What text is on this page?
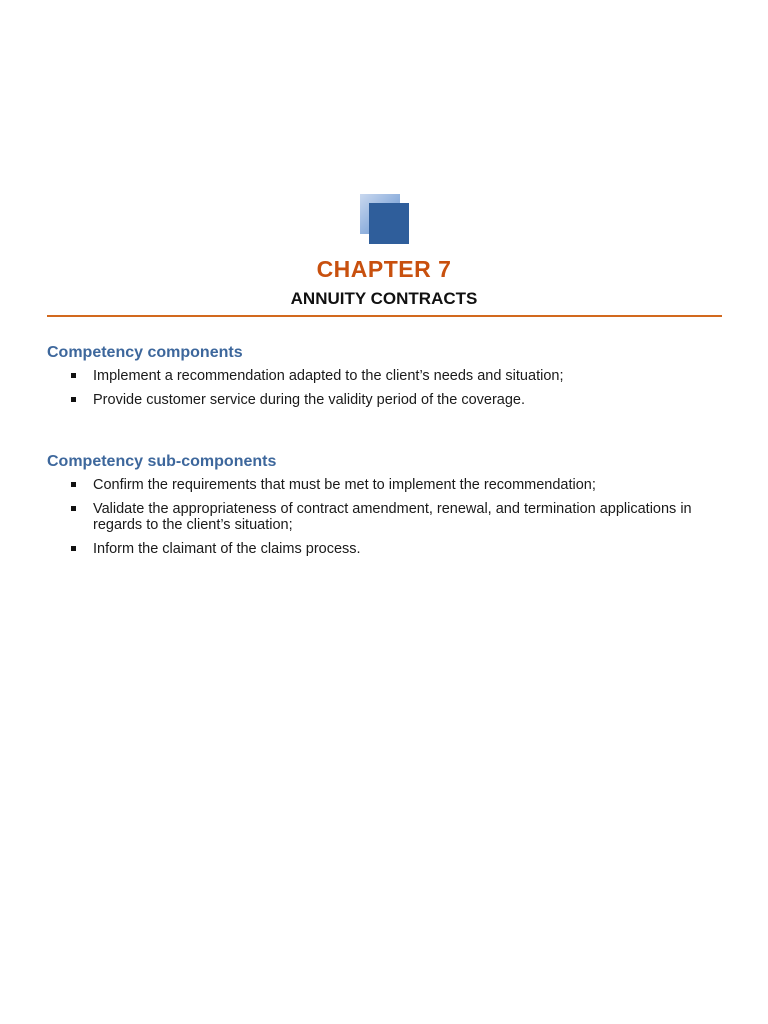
CHAPTER 7
ANNUITY CONTRACTS
Competency components
Implement a recommendation adapted to the client’s needs and situation;
Provide customer service during the validity period of the coverage.
Competency sub-components
Confirm the requirements that must be met to implement the recommendation;
Validate the appropriateness of contract amendment, renewal, and termination applications in regards to the client’s situation;
Inform the claimant of the claims process.
